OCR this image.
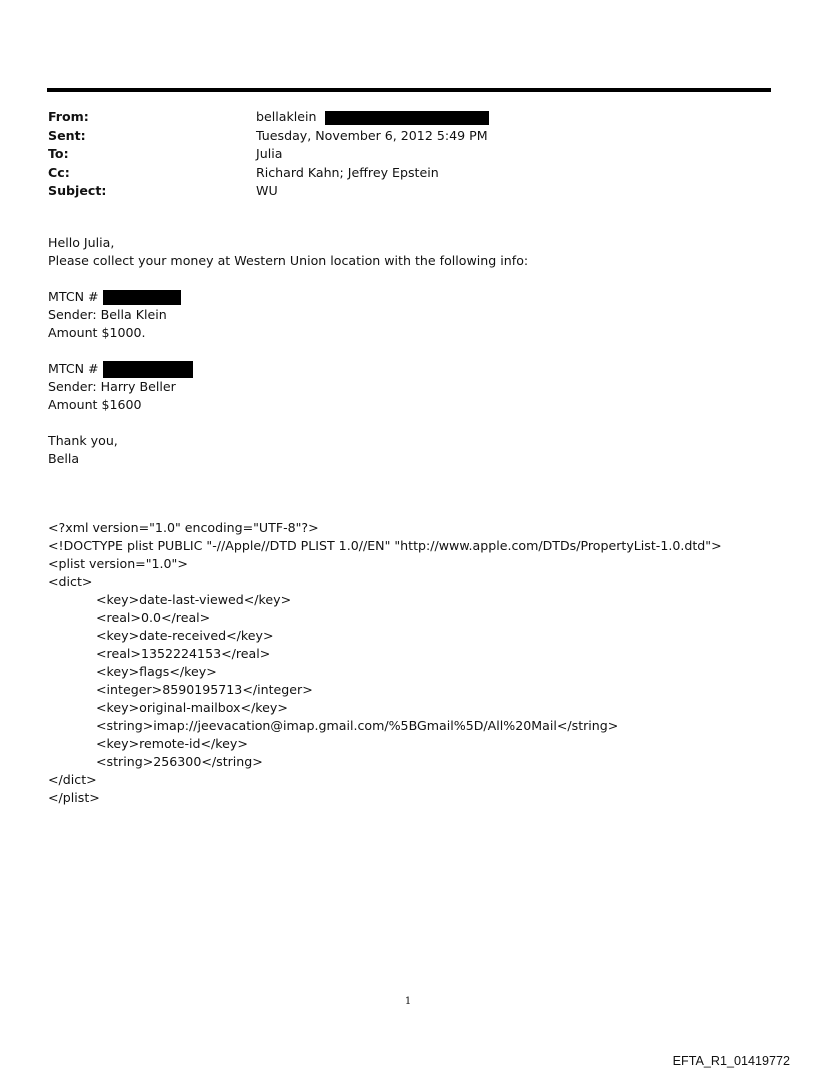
From:	bellaklein
Sent:	Tuesday, November 6, 2012 5:49 PM
To:	Julia
Cc:	Richard Kahn; Jeffrey Epstein
Subject:	WU
Hello Julia,
Please collect your money at Western Union location with the following info:
MTCN #
Sender: Bella Klein
Amount $1000.
MTCN #
Sender: Harry Beller
Amount $1600
Thank you,
Bella
<?xml version="1.0" encoding="UTF-8"?>
<!DOCTYPE plist PUBLIC "-//Apple//DTD PLIST 1.0//EN" "http://www.apple.com/DTDs/PropertyList-1.0.dtd">
<plist version="1.0">
<dict>
<key>date-last-viewed</key>
<real>0.0</real>
<key>date-received</key>
<real>1352224153</real>
<key>flags</key>
<integer>8590195713</integer>
<key>original-mailbox</key>
<string>imap://jeevacation@imap.gmail.com/%5BGmail%5D/All%20Mail</string>
<key>remote-id</key>
<string>256300</string>
</dict>
</plist>
1
EFTA_R1_01419772
